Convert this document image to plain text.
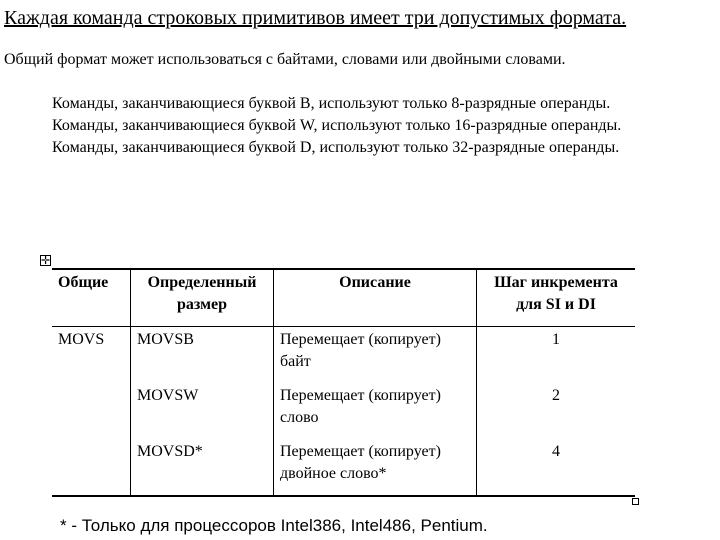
Каждая команда строковых примитивов имеет три допустимых формата.
Общий формат может использоваться с байтами, словами или двойными словами.

Команды, заканчивающиеся буквой B, используют только 8-разрядные операнды.

Команды, заканчивающиеся буквой W, используют только 16-разрядные операнды.

Команды, заканчивающиеся буквой D, используют только 32-разрядные операнды.

✛
Общие	Определенный размер	Описание	Шаг инкремента для SI и DI
MOVS	MOVSB	Перемещает (копирует) байт	1
	MOVSW	Перемещает (копирует) слово	2
	MOVSD*	Перемещает (копирует) двойное слово*	4
* - Только для процессоров Intel386, Intel486, Pentium.
